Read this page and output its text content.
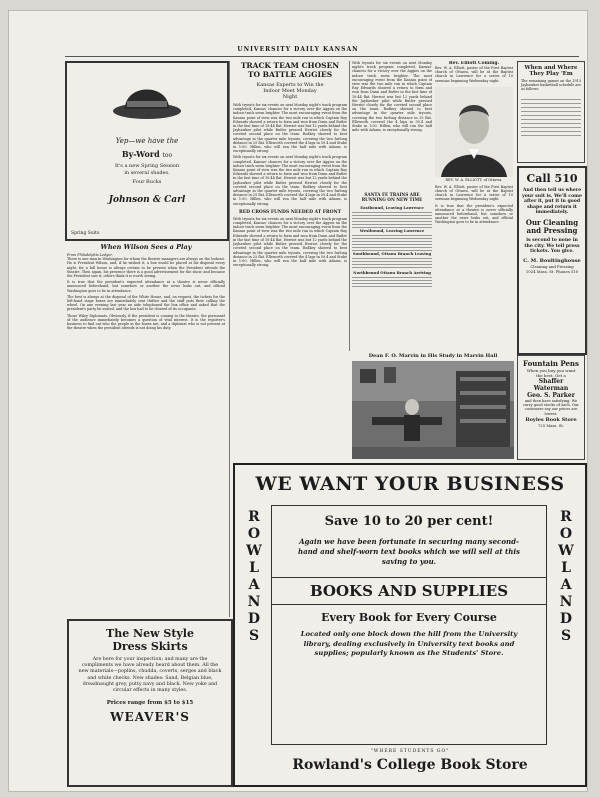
UNIVERSITY DAILY KANSAN
Yep—we have the
By-Word too
It's a new Spring Session
in several shades.
Four Bucks
Johnson & Carl
Spring Suits
When Wilson Sees a Play
From Philadelphia Ledger.
There is one man in Washington for whom the theatre managers are always on the lookout. He is President Wilson, and, if he wished it, a box would be placed at his disposal every night, for a full house is always certain to be present when the President attends the theatre. Then again, his presence there is a good advertisement for the show, and because the President saw it, others think it is worth seeing.
It is true that the president's expected attendance at a theatre is never officially announced beforehand, but somehow or another the news leaks out, and official Washington goes to be in attendance.
The best is always at the disposal of the White House, and, on request, the tickets for the left-hand stage boxes are immediately sent thither and the staff puts their calling the wheel. On one evening last year an aide telephoned the box office and asked that the president's party be seated, and the box had to be cleared of its occupants.
Those Wiley Diplomats. Obviously, if the president is coming to the theatre, the personnel of the audience immediately becomes a question of vital interest. It is the reporter's business to find out who the people in the boxes are, and a diplomat who is not present at the theatre when the president attends is not doing his duty.
TRACK TEAM CHOSEN
TO BATTLE AGGIES
Kansas Experts to Win the
Indoor Meet Monday
Night
With tryouts for six events on next Monday night's track program completed, Kansas' chances for a victory over the Aggies on the indoor track seem brighter. The most encouraging event from the Kansas point of view was the two mile run in which Captain Ray Edwards showed a return to form and won from Dunn and Butler in the fast time of 10:44 flat. Herriot was but 12 yards behind the Jayhawker pilot while Butler pressed Herriot closely for the coveted second place on the team. Rodkey showed to best advantage in the quarter mile tryouts, covering the two furlong distance in 25 flat. Ellsworth covered the 4 laps in 59.4 and Stube in 1:00. Hillen, who will run the half mile with Adams, is exceptionally strong.
With tryouts for six events on next Monday night's track program completed, Kansas' chances for a victory over the Aggies on the indoor track seem brighter. The most encouraging event from the Kansas point of view was the two mile run in which Captain Ray Edwards showed a return to form and won from Dunn and Butler in the fast time of 10:44 flat. Herriot was but 12 yards behind the Jayhawker pilot while Butler pressed Herriot closely for the coveted second place on the team. Rodkey showed to best advantage in the quarter mile tryouts, covering the two furlong distance in 25 flat. Ellsworth covered the 4 laps in 59.4 and Stube in 1:00. Hillen, who will run the half mile with Adams, is exceptionally strong.
RED CROSS FUNDS NEEDED AT FRONT
With tryouts for six events on next Monday night's track program completed, Kansas' chances for a victory over the Aggies on the indoor track seem brighter. The most encouraging event from the Kansas point of view was the two mile run in which Captain Ray Edwards showed a return to form and won from Dunn and Butler in the fast time of 10:44 flat. Herriot was but 12 yards behind the Jayhawker pilot while Butler pressed Herriot closely for the coveted second place on the team. Rodkey showed to best advantage in the quarter mile tryouts, covering the two furlong distance in 25 flat. Ellsworth covered the 4 laps in 59.4 and Stube in 1:00. Hillen, who will run the half mile with Adams, is exceptionally strong.
With tryouts for six events on next Monday night's track program completed, Kansas' chances for a victory over the Aggies on the indoor track seem brighter. The most encouraging event from the Kansas point of view was the two mile run in which Captain Ray Edwards showed a return to form and won from Dunn and Butler in the fast time of 10:44 flat. Herriot was but 12 yards behind the Jayhawker pilot while Butler pressed Herriot closely for the coveted second place on the team. Rodkey showed to best advantage in the quarter mile tryouts, covering the two furlong distance in 25 flat. Ellsworth covered the 4 laps in 59.4 and Stube in 1:00. Hillen, who will run the half mile with Adams, is exceptionally strong.
SANTA FE TRAINS ARE RUNNING ON NEW TIME
Eastbound, Leaving Lawrence
Westbound, Leaving Lawrence
Southbound, Ottawa Branch Leaving
Northbound Ottawa Branch Arriving
Rev. Elliott Coming.
Rev. W. A. Elliott, pastor of the First Baptist church of Ottawa, will be at the Baptist church in Lawrence for a series of 10 sermons beginning Wednesday night.
REV. W. A. ELLIOTT, of Ottawa.
Rev. W. A. Elliott, pastor of the First Baptist church of Ottawa, will be at the Baptist church in Lawrence for a series of 10 sermons beginning Wednesday night.
It is true that the president's expected attendance at a theatre is never officially announced beforehand, but somehow or another the news leaks out, and official Washington goes to be in attendance.
When and Where
They Play 'Em
The remaining games on the 1915 Jayhawker basketball schedule are as follows:
Call 510
And then tell us where your suit is. We'll come after it, put it in good shape and return it immediately.
Our Cleaning and Pressing
is second to none in the city. We tell press tickets. You give.
C. M. Boultinghouse
Cleaning and Pressing
1024 Mass. St. Phones 510
Dean F. O. Marvin in His Study in Marvin Hall
Fountain Pens
When you buy you want
the best. Get a
Shaffer
Waterman
Geo. S. Parker
and then have satisfying. We carry good stocks of each. Our customers say our prices are lowest.
Boyles Book Store
725 Mass. St.
WE WANT YOUR BUSINESS
R
O
W
L
A
N
D
S
R
O
W
L
A
N
D
S
Save 10 to 20 per cent!
Again we have been fortunate in securing many second-hand and shelf-worn text books which we will sell at this saving to you.
BOOKS AND SUPPLIES
Every Book for Every Course
Located only one block down the hill from the University library, dealing exclusively in University text books and supplies; popularly known as the Students' Store.
"WHERE STUDENTS GO"
Rowland's College Book Store
The New Style
Dress Skirts
Are here for your inspection; and many are the compliments we have already heard about them. All the new materials—poplins, chudda, coverts, serges and black and white checks. New shades: Sand, Belgian blue, dreadnaught grey, putty navy and black. New yoke and circular effects in many styles.
Prices range from $5 to $15
WEAVER'S
